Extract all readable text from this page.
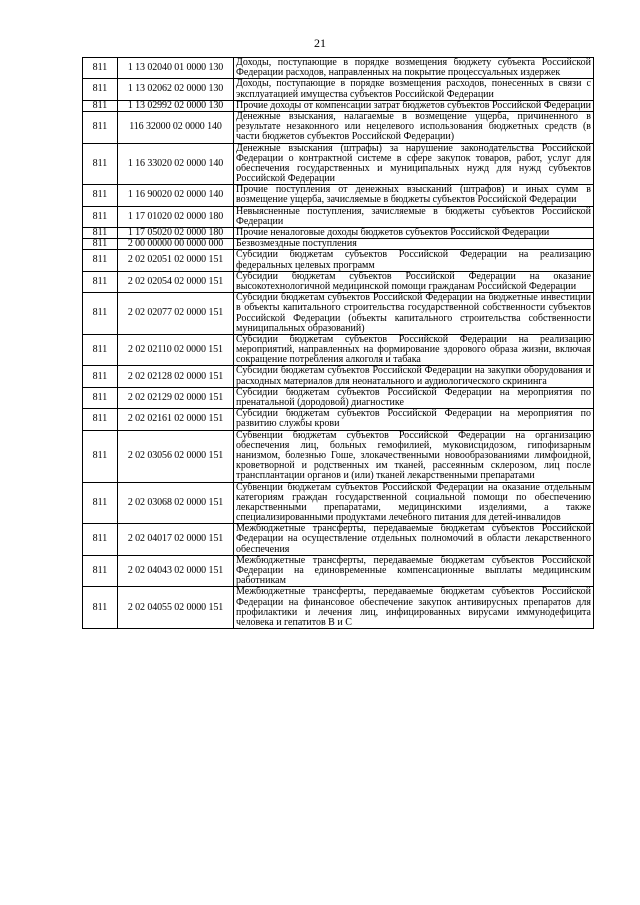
21
811	1 13 02040 01 0000 130	Доходы, поступающие в порядке возмещения бюджету субъекта Российской Федерации расходов, направленных на покрытие процессуальных издержек
811	1 13 02062 02 0000 130	Доходы, поступающие в порядке возмещения расходов, понесенных в связи с эксплуатацией имущества субъектов Российской Федерации
811	1 13 02992 02 0000 130	Прочие доходы от компенсации затрат бюджетов субъектов Российской Федерации
811	116 32000 02 0000 140	Денежные взыскания, налагаемые в возмещение ущерба, причиненного в результате незаконного или нецелевого использования бюджетных средств (в части бюджетов субъектов Российской Федерации)
811	1 16 33020 02 0000 140	Денежные взыскания (штрафы) за нарушение законодательства Российской Федерации о контрактной системе в сфере закупок товаров, работ, услуг для обеспечения государственных и муниципальных нужд для нужд субъектов Российской Федерации
811	1 16 90020 02 0000 140	Прочие поступления от денежных взысканий (штрафов) и иных сумм в возмещение ущерба, зачисляемые в бюджеты субъектов Российской Федерации
811	1 17 01020 02 0000 180	Невыясненные поступления, зачисляемые в бюджеты субъектов Российской Федерации
811	1 17 05020 02 0000 180	Прочие неналоговые доходы бюджетов субъектов Российской Федерации
811	2 00 00000 00 0000 000	Безвозмездные поступления
811	2 02 02051 02 0000 151	Субсидии бюджетам субъектов Российской Федерации на реализацию федеральных целевых программ
811	2 02 02054 02 0000 151	Субсидии бюджетам субъектов Российской Федерации на оказание высокотехнологичной медицинской помощи гражданам Российской Федерации
811	2 02 02077 02 0000 151	Субсидии бюджетам субъектов Российской Федерации на бюджетные инвестиции в объекты капитального строительства государственной собственности субъектов Российской Федерации (объекты капитального строительства собственности муниципальных образований)
811	2 02 02110 02 0000 151	Субсидии бюджетам субъектов Российской Федерации на реализацию мероприятий, направленных на формирование здорового образа жизни, включая сокращение потребления алкоголя и табака
811	2 02 02128 02 0000 151	Субсидии бюджетам субъектов Российской Федерации на закупки оборудования и расходных материалов для неонатального и аудиологического скрининга
811	2 02 02129 02 0000 151	Субсидии бюджетам субъектов Российской Федерации на мероприятия по пренатальной (дородовой) диагностике
811	2 02 02161 02 0000 151	Субсидии бюджетам субъектов Российской Федерации на мероприятия по развитию службы крови
811	2 02 03056 02 0000 151	Субвенции бюджетам субъектов Российской Федерации на организацию обеспечения лиц, больных гемофилией, муковисцидозом, гипофизарным нанизмом, болезнью Гоше, злокачественными новообразованиями лимфоидной, кроветворной и родственных им тканей, рассеянным склерозом, лиц после трансплантации органов и (или) тканей лекарственными препаратами
811	2 02 03068 02 0000 151	Субвенции бюджетам субъектов Российской Федерации на оказание отдельным категориям граждан государственной социальной помощи по обеспечению лекарственными препаратами, медицинскими изделиями, а также специализированными продуктами лечебного питания для детей-инвалидов
811	2 02 04017 02 0000 151	Межбюджетные трансферты, передаваемые бюджетам субъектов Российской Федерации на осуществление отдельных полномочий в области лекарственного обеспечения
811	2 02 04043 02 0000 151	Межбюджетные трансферты, передаваемые бюджетам субъектов Российской Федерации на единовременные компенсационные выплаты медицинским работникам
811	2 02 04055 02 0000 151	Межбюджетные трансферты, передаваемые бюджетам субъектов Российской Федерации на финансовое обеспечение закупок антивирусных препаратов для профилактики и лечения лиц, инфицированных вирусами иммунодефицита человека и гепатитов В и С
